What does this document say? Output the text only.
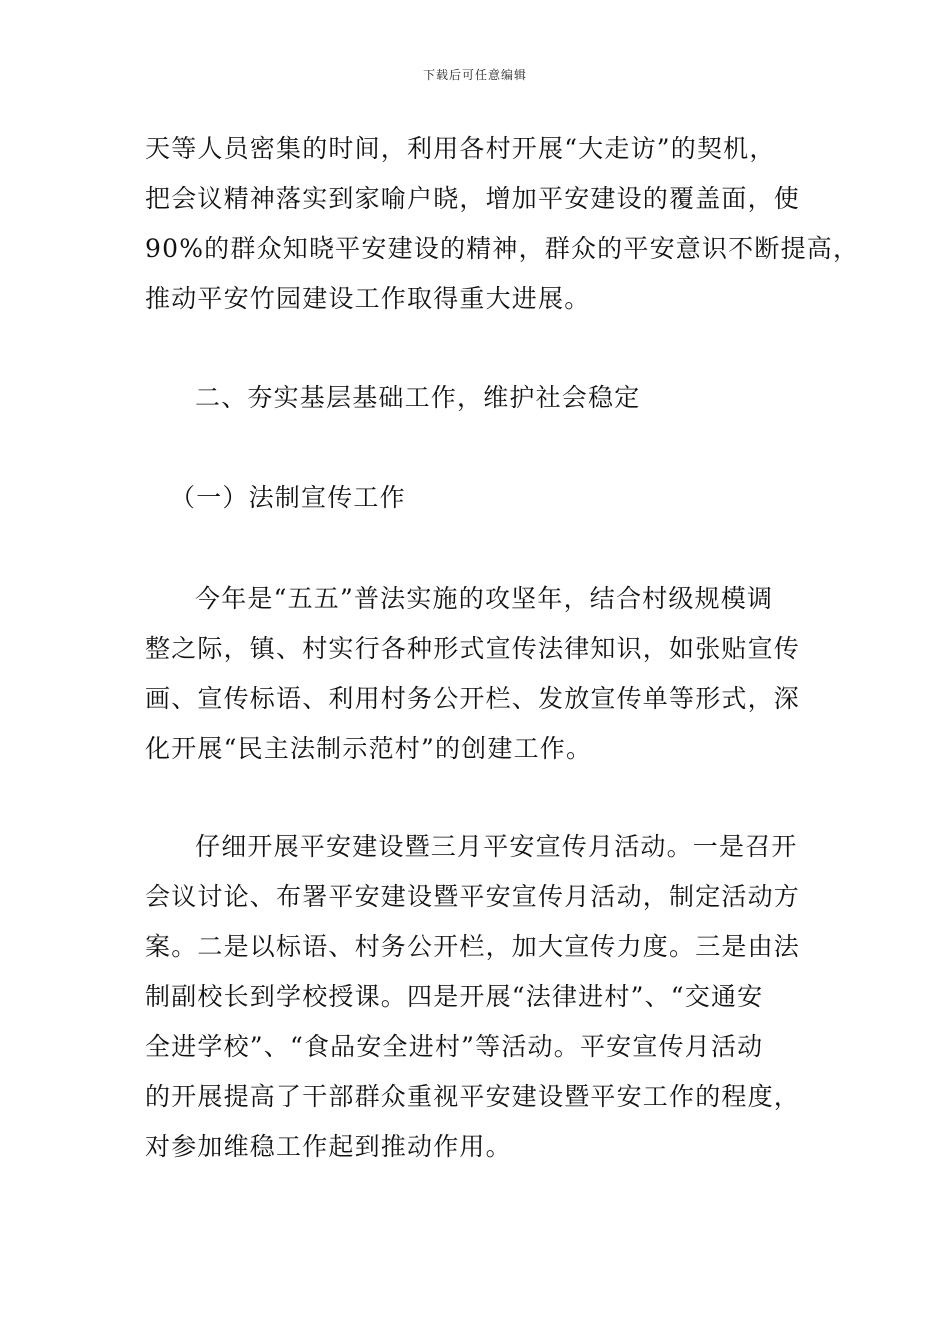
下载后可任意编辑
天等人员密集的时间，利用各村开展“大走访”的契机，
把会议精神落实到家喻户晓，增加平安建设的覆盖面，使
90%的群众知晓平安建设的精神，群众的平安意识不断提高，
推动平安竹园建设工作取得重大进展。
二、夯实基层基础工作，维护社会稳定
（一）法制宣传工作
今年是“五五”普法实施的攻坚年，结合村级规模调
整之际，镇、村实行各种形式宣传法律知识，如张贴宣传
画、宣传标语、利用村务公开栏、发放宣传单等形式，深
化开展“民主法制示范村”的创建工作。
仔细开展平安建设暨三月平安宣传月活动。一是召开
会议讨论、布署平安建设暨平安宣传月活动，制定活动方
案。二是以标语、村务公开栏，加大宣传力度。三是由法
制副校长到学校授课。四是开展“法律进村”、“交通安
全进学校”、“食品安全进村”等活动。平安宣传月活动
的开展提高了干部群众重视平安建设暨平安工作的程度，
对参加维稳工作起到推动作用。
